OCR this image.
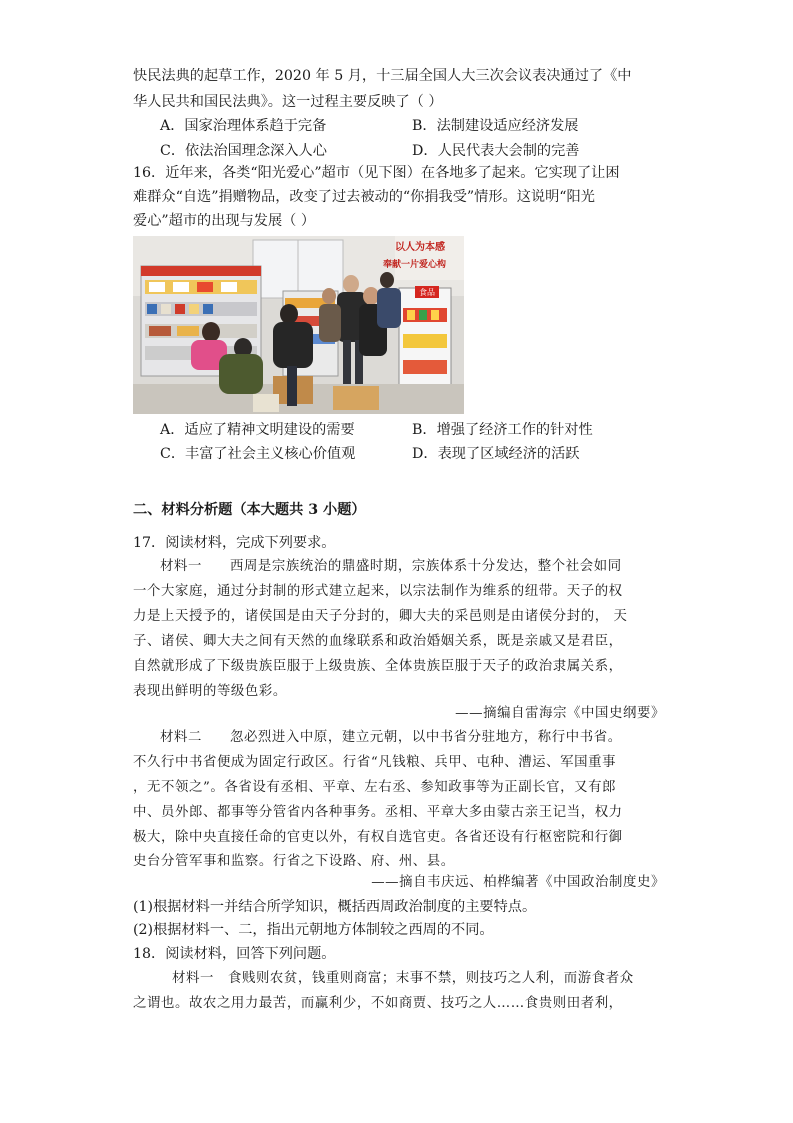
快民法典的起草工作，2020 年 5 月，十三届全国人大三次会议表决通过了《中
华人民共和国民法典》。这一过程主要反映了（ ）
A．国家治理体系趋于完备	B．法制建设适应经济发展
C．依法治国理念深入人心	D．人民代表大会制的完善
16．近年来，各类“阳光爱心”超市（见下图）在各地多了起来。它实现了让困
难群众“自选”捐赠物品，改变了过去被动的“你捐我受”情形。这说明“阳光
爱心”超市的出现与发展（ ）
以人为本感
奉献一片爱心构
食品
A．适应了精神文明建设的需要	B．增强了经济工作的针对性
C．丰富了社会主义核心价值观	D．表现了区域经济的活跃
二、材料分析题（本大题共 3 小题）
17．阅读材料，完成下列要求。
材料一　　西周是宗族统治的鼎盛时期，宗族体系十分发达，整个社会如同
一个大家庭，通过分封制的形式建立起来，以宗法制作为维系的纽带。天子的权
力是上天授予的，诸侯国是由天子分封的，卿大夫的采邑则是由诸侯分封的， 天
子、诸侯、卿大夫之间有天然的血缘联系和政治婚姻关系，既是亲戚又是君臣，
自然就形成了下级贵族臣服于上级贵族、全体贵族臣服于天子的政治隶属关系，
表现出鲜明的等级色彩。
——摘编自雷海宗《中国史纲要》
材料二　　忽必烈进入中原，建立元朝，以中书省分驻地方，称行中书省。
不久行中书省便成为固定行政区。行省“凡钱粮、兵甲、屯种、漕运、军国重事
，无不领之”。各省设有丞相、平章、左右丞、参知政事等为正副长官，又有郎
中、员外郎、都事等分管省内各种事务。丞相、平章大多由蒙古亲王记当，权力
极大，除中央直接任命的官吏以外，有权自选官吏。各省还设有行枢密院和行御
史台分管军事和监察。行省之下设路、府、州、县。
——摘自韦庆远、柏桦编著《中国政治制度史》
(1)根据材料一并结合所学知识，概括西周政治制度的主要特点。
(2)根据材料一、二，指出元朝地方体制较之西周的不同。
18．阅读材料，回答下列问题。
材料一　食贱则农贫，钱重则商富；末事不禁，则技巧之人利，而游食者众
之谓也。故农之用力最苦，而赢利少，不如商贾、技巧之人……食贵则田者利，
